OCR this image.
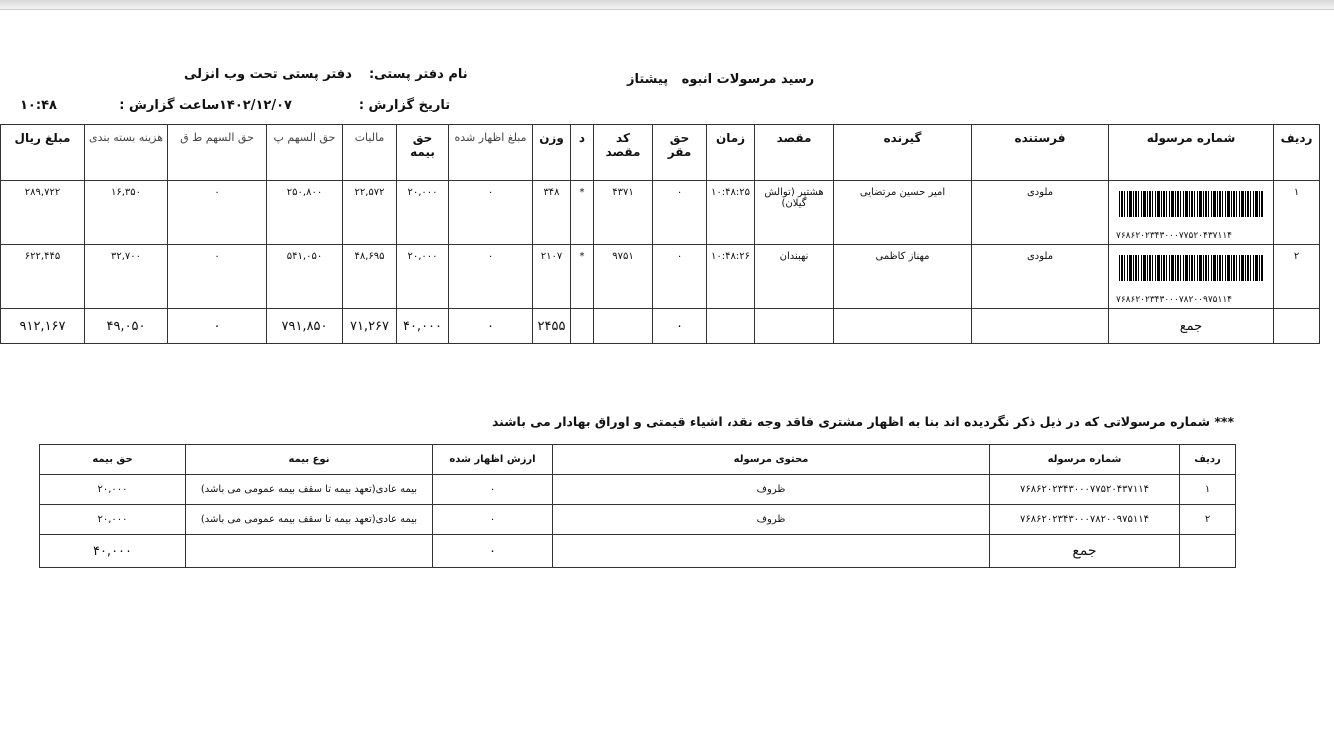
رسید مرسولات انبوه   پیشتاز
نام دفتر پستی:  دفتر پستی تحت وب انزلی
تاریخ گزارش :             ۱۴۰۲/۱۲/۰۷
ساعت گزارش :            ۱۰:۴۸
ردیف	شماره مرسوله	فرستنده	گیرنده	مقصد	زمان	حق مقر	کد مقصد	د	وزن	مبلغ اظهار شده	حق بیمه	مالیات	حق السهم پ	حق السهم ط ق	هزینه بسته بندی	مبلغ ریال
۱	۷۶۸۶۲۰۲۳۴۳۰۰۰۷۷۵۲۰۴۳۷۱۱۴	ملودی	امیر حسین مرتضایی	هشتپر (توالش گیلان)	۱۰:۴۸:۲۵	۰	۴۳۷۱	*	۳۴۸	۰	۲۰,۰۰۰	۲۲,۵۷۲	۲۵۰,۸۰۰	۰	۱۶,۳۵۰	۲۸۹,۷۲۲
۲	۷۶۸۶۲۰۲۳۴۳۰۰۰۷۸۲۰۰۹۷۵۱۱۴	ملودی	مهناز کاظمی	نهبندان	۱۰:۴۸:۲۶	۰	۹۷۵۱	*	۲۱۰۷	۰	۲۰,۰۰۰	۴۸,۶۹۵	۵۴۱,۰۵۰	۰	۳۲,۷۰۰	۶۲۲,۴۴۵
	جمع					۰			۲۴۵۵	۰	۴۰,۰۰۰	۷۱,۲۶۷	۷۹۱,۸۵۰	۰	۴۹,۰۵۰	۹۱۲,۱۶۷
*** شماره مرسولاتی که در ذیل ذکر نگردیده اند بنا به اظهار مشتری فاقد وجه نقد، اشیاء قیمتی و اوراق بهادار می باشند
ردیف	شماره مرسوله	محتوی مرسوله	ارزش اظهار شده	نوع بیمه	حق بیمه
۱	۷۶۸۶۲۰۲۳۴۳۰۰۰۷۷۵۲۰۴۳۷۱۱۴	ظروف	۰	بیمه عادی(تعهد بیمه تا سقف بیمه عمومی می باشد)	۲۰,۰۰۰
۲	۷۶۸۶۲۰۲۳۴۳۰۰۰۷۸۲۰۰۹۷۵۱۱۴	ظروف	۰	بیمه عادی(تعهد بیمه تا سقف بیمه عمومی می باشد)	۲۰,۰۰۰
	جمع		۰		۴۰,۰۰۰
